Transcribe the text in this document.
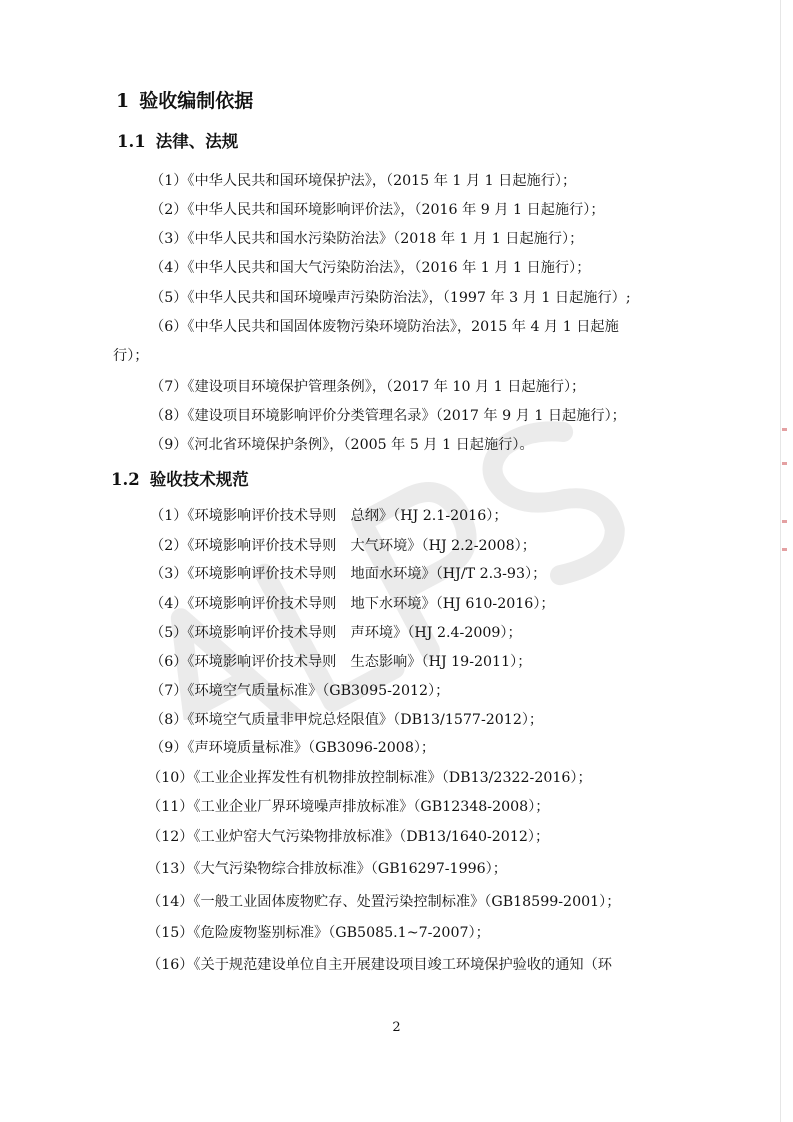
1 验收编制依据
1.1 法律、法规
（1）《中华人民共和国环境保护法》，（2015 年 1 月 1 日起施行）；
（2）《中华人民共和国环境影响评价法》，（2016 年 9 月 1 日起施行）；
（3）《中华人民共和国水污染防治法》（2018 年 1 月 1 日起施行）；
（4）《中华人民共和国大气污染防治法》，（2016 年 1 月 1 日施行）；
（5）《中华人民共和国环境噪声污染防治法》，（1997 年 3 月 1 日起施行）;
（6）《中华人民共和国固体废物污染环境防治法》，2015 年 4 月 1 日起施
行）；
（7）《建设项目环境保护管理条例》，（2017 年 10 月 1 日起施行）；
（8）《建设项目环境影响评价分类管理名录》（2017 年 9 月 1 日起施行）；
（9）《河北省环境保护条例》，（2005 年 5 月 1 日起施行）。
1.2 验收技术规范
（1）《环境影响评价技术导则　总纲》（HJ 2.1-2016）；
（2）《环境影响评价技术导则　大气环境》（HJ 2.2-2008）；
（3）《环境影响评价技术导则　地面水环境》（HJ/T 2.3-93）；
（4）《环境影响评价技术导则　地下水环境》（HJ 610-2016）；
（5）《环境影响评价技术导则　声环境》（HJ 2.4-2009）；
（6）《环境影响评价技术导则　生态影响》（HJ 19-2011）；
（7）《环境空气质量标准》（GB3095-2012）；
（8）《环境空气质量非甲烷总烃限值》（DB13/1577-2012）；
（9）《声环境质量标准》（GB3096-2008）；
（10）《工业企业挥发性有机物排放控制标准》（DB13/2322-2016）；
（11）《工业企业厂界环境噪声排放标准》（GB12348-2008）；
（12）《工业炉窑大气污染物排放标准》（DB13/1640-2012）；
（13）《大气污染物综合排放标准》（GB16297-1996）；
（14）《一般工业固体废物贮存、处置污染控制标准》（GB18599-2001）；
（15）《危险废物鉴别标准》（GB5085.1~7-2007）；
（16）《关于规范建设单位自主开展建设项目竣工环境保护验收的通知（环
2
